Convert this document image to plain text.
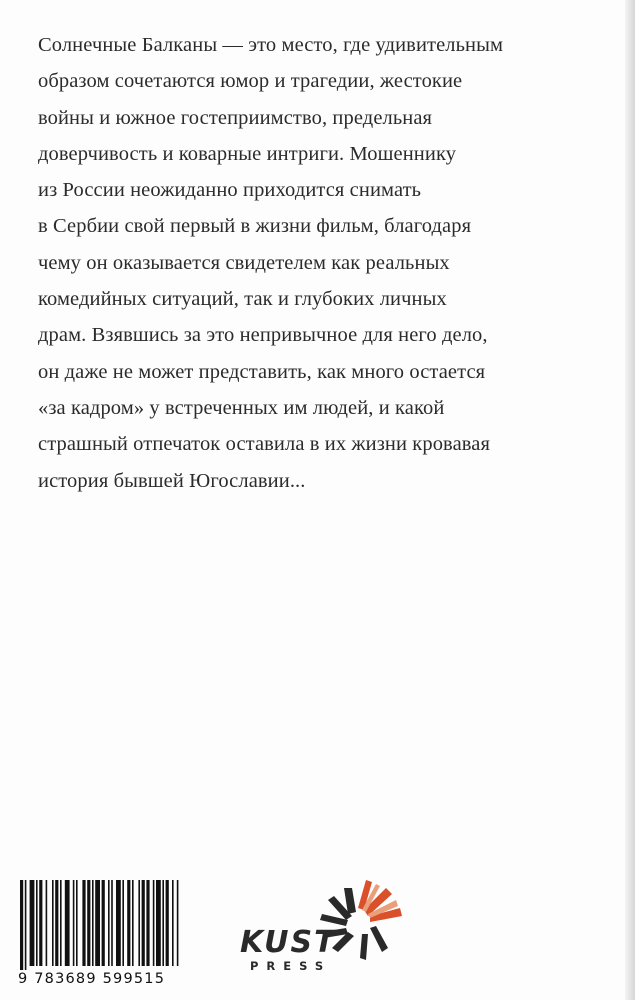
Солнечные Балканы — это место, где удивительным
образом сочетаются юмор и трагедии, жестокие
войны и южное гостеприимство, предельная
доверчивость и коварные интриги. Мошеннику
из России неожиданно приходится снимать
в Сербии свой первый в жизни фильм, благодаря
чему он оказывается свидетелем как реальных
комедийных ситуаций, так и глубоких личных
драм. Взявшись за это непривычное для него дело,
он даже не может представить, как много остается
«за кадром» у встреченных им людей, и какой
страшный отпечаток оставила в их жизни кровавая
история бывшей Югославии...

9 783689 599515
KUST
PRESS
